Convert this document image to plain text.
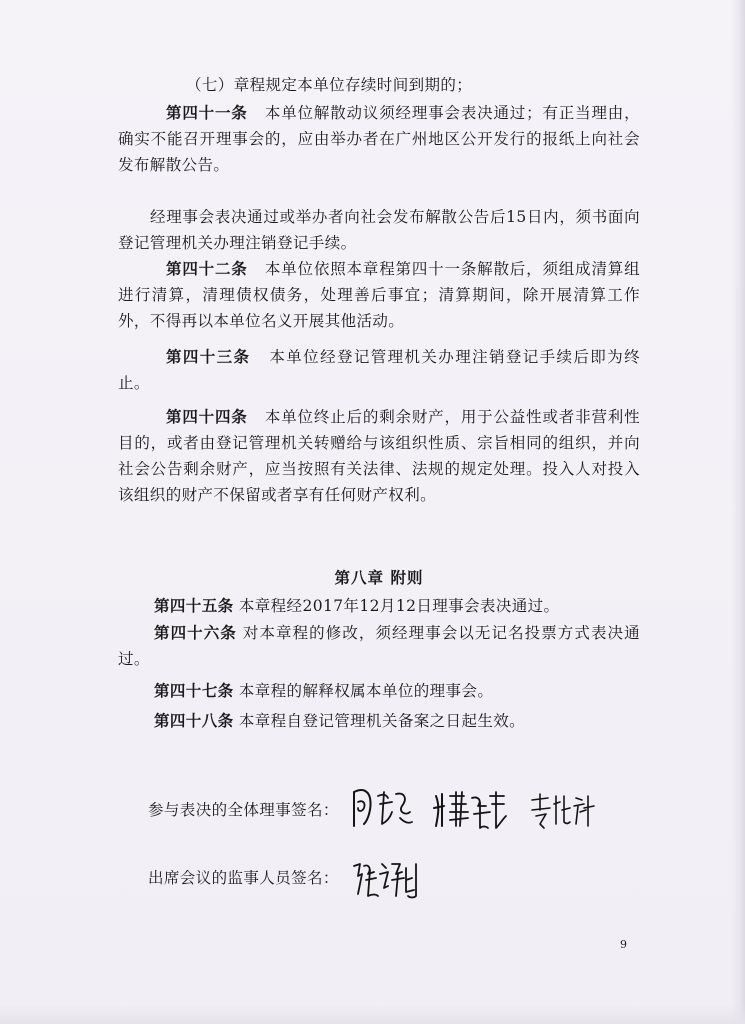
（七）章程规定本单位存续时间到期的；
第四十一条 本单位解散动议须经理事会表决通过；有正当理由，确实不能召开理事会的，应由举办者在广州地区公开发行的报纸上向社会发布解散公告。
经理事会表决通过或举办者向社会发布解散公告后15日内，须书面向登记管理机关办理注销登记手续。
第四十二条 本单位依照本章程第四十一条解散后，须组成清算组进行清算，清理债权债务，处理善后事宜；清算期间，除开展清算工作外，不得再以本单位名义开展其他活动。
第四十三条 本单位经登记管理机关办理注销登记手续后即为终止。
第四十四条 本单位终止后的剩余财产，用于公益性或者非营利性目的，或者由登记管理机关转赠给与该组织性质、宗旨相同的组织，并向社会公告剩余财产，应当按照有关法律、法规的规定处理。投入人对投入该组织的财产不保留或者享有任何财产权利。
第八章 附则
第四十五条 本章程经2017年12月12日理事会表决通过。
第四十六条 对本章程的修改，须经理事会以无记名投票方式表决通过。
第四十七条 本章程的解释权属本单位的理事会。
第四十八条 本章程自登记管理机关备案之日起生效。
参与表决的全体理事签名：
出席会议的监事人员签名：
9
